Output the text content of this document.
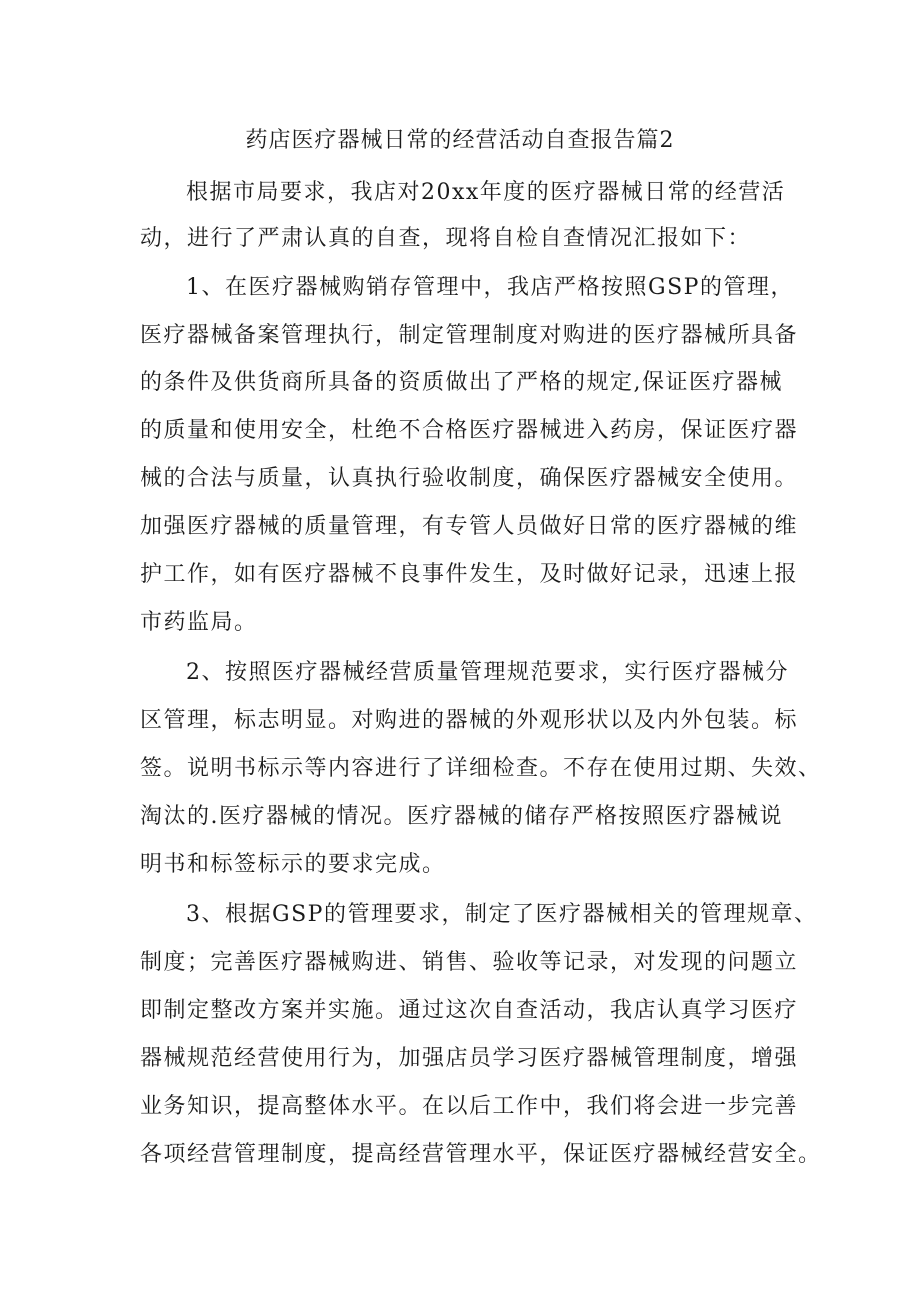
药店医疗器械日常的经营活动自查报告篇2

根据市局要求，我店对20xx年度的医疗器械日常的经营活

动，进行了严肃认真的自查，现将自检自查情况汇报如下：

1、在医疗器械购销存管理中，我店严格按照GSP的管理，

医疗器械备案管理执行，制定管理制度对购进的医疗器械所具备

的条件及供货商所具备的资质做出了严格的规定,保证医疗器械

的质量和使用安全，杜绝不合格医疗器械进入药房，保证医疗器

械的合法与质量，认真执行验收制度，确保医疗器械安全使用。

加强医疗器械的质量管理，有专管人员做好日常的医疗器械的维

护工作，如有医疗器械不良事件发生，及时做好记录，迅速上报

市药监局。

2、按照医疗器械经营质量管理规范要求，实行医疗器械分

区管理，标志明显。对购进的器械的外观形状以及内外包装。标

签。说明书标示等内容进行了详细检查。不存在使用过期、失效、

淘汰的.医疗器械的情况。医疗器械的储存严格按照医疗器械说

明书和标签标示的要求完成。

3、根据GSP的管理要求，制定了医疗器械相关的管理规章、

制度；完善医疗器械购进、销售、验收等记录，对发现的问题立

即制定整改方案并实施。通过这次自查活动，我店认真学习医疗

器械规范经营使用行为，加强店员学习医疗器械管理制度，增强

业务知识，提高整体水平。在以后工作中，我们将会进一步完善

各项经营管理制度，提高经营管理水平，保证医疗器械经营安全。
